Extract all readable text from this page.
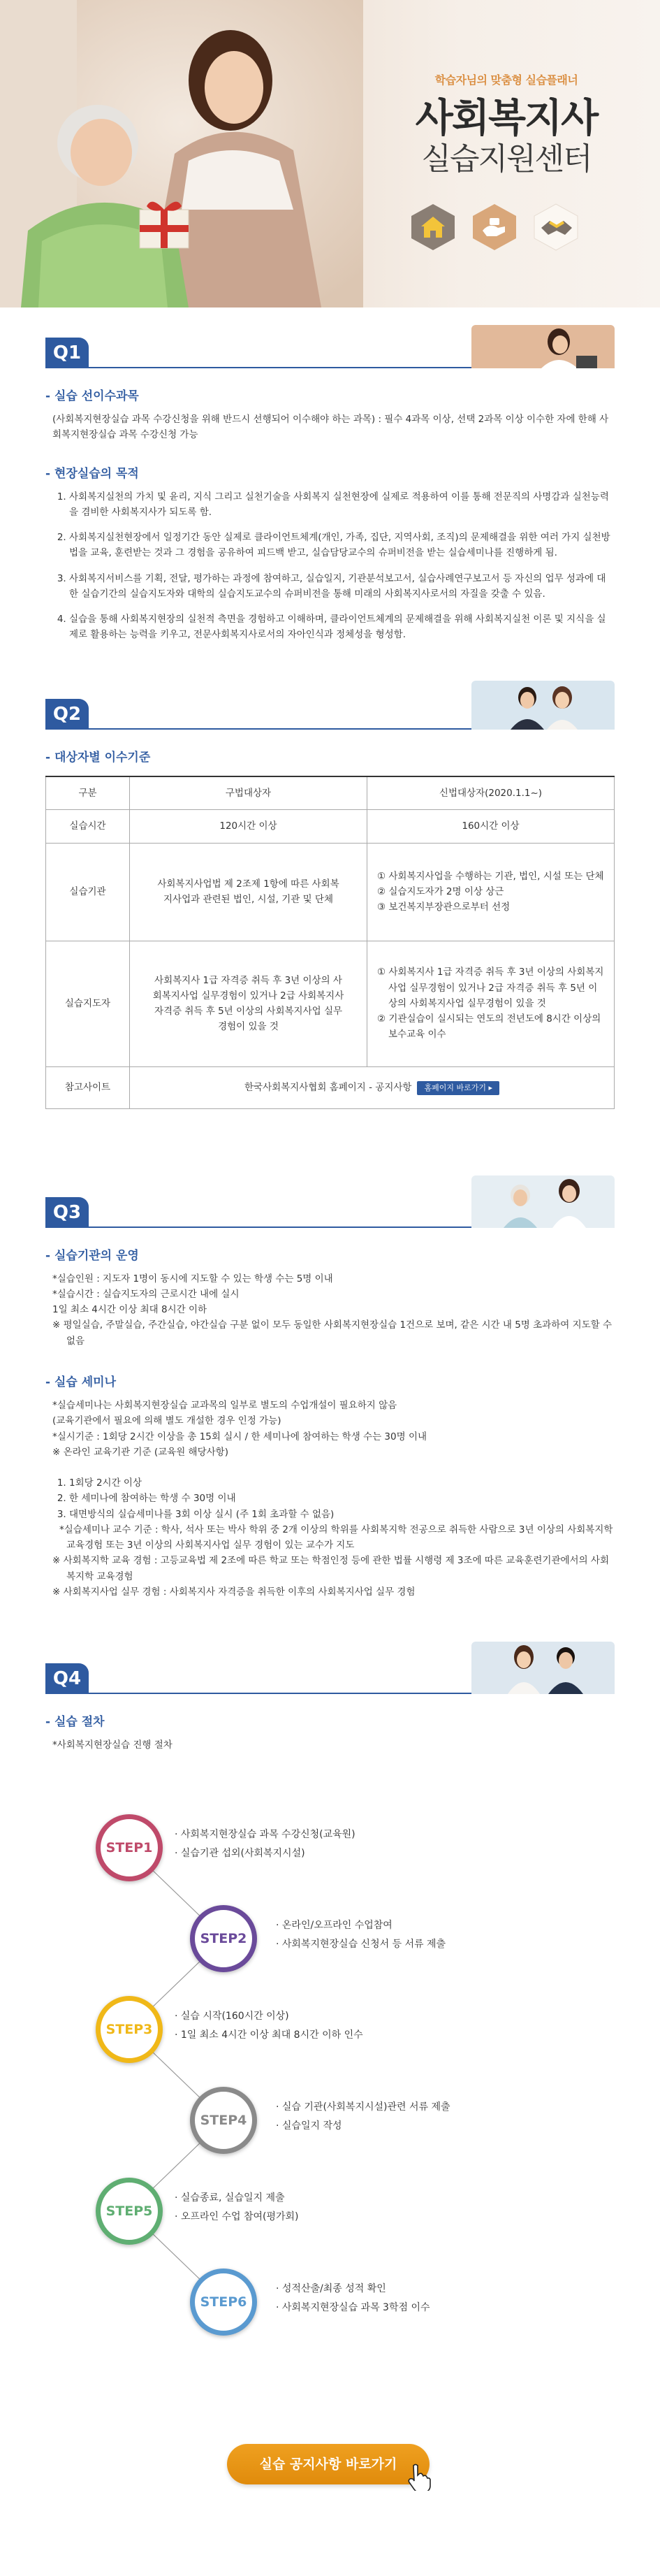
학습자님의 맞춤형 실습플래너
사회복지사
실습지원센터
Q1
- 실습 선이수과목
(사회복지현장실습 과목 수강신청을 위해 반드시 선행되어 이수해야 하는 과목) : 필수 4과목 이상, 선택 2과목 이상 이수한 자에 한해 사회복지현장실습 과목 수강신청 가능
- 현장실습의 목적
1. 사회복지실천의 가치 및 윤리, 지식 그리고 실천기술을 사회복지 실천현장에 실제로 적용하여 이를 통해 전문직의 사명감과 실천능력을 겸비한 사회복지사가 되도록 함.
2. 사회복지실천현장에서 일정기간 동안 실제로 클라이언트체계(개인, 가족, 집단, 지역사회, 조직)의 문제해결을 위한 여러 가지 실천방법을 교육, 훈련받는 것과 그 경험을 공유하여 피드백 받고, 실습담당교수의 슈퍼비전을 받는 실습세미나를 진행하게 됨.
3. 사회복지서비스를 기획, 전달, 평가하는 과정에 참여하고, 실습일지, 기관분석보고서, 실습사례연구보고서 등 자신의 업무 성과에 대한 실습기간의 실습지도자와 대학의 실습지도교수의 슈퍼비전을 통해 미래의 사회복지사로서의 자질을 갖출 수 있음.
4. 실습을 통해 사회복지현장의 실천적 측면을 경험하고 이해하며, 클라이언트체계의 문제해결을 위해 사회복지실천 이론 및 지식을 실제로 활용하는 능력을 키우고, 전문사회복지사로서의 자아인식과 정체성을 형성함.
Q2
- 대상자별 이수기준
구분	구법대상자	신법대상자(2020.1.1~)
실습시간	120시간 이상	160시간 이상
실습기관	사회복지사업법 제 2조제 1항에 따른 사회복지사업과 관련된 법인, 시설, 기관 및 단체	① 사회복지사업을 수행하는 기관, 법인, 시설 또는 단체
② 실습지도자가 2명 이상 상근
③ 보건복지부장관으로부터 선정

실습지도자	사회복지사 1급 자격증 취득 후 3년 이상의 사회복지사업 실무경험이 있거나 2급 사회복지사 자격증 취득 후 5년 이상의 사회복지사업 실무경험이 있을 것	① 사회복지사 1급 자격증 취득 후 3년 이상의 사회복지사업 실무경험이 있거나 2급 자격증 취득 후 5년 이상의 사회복지사업 실무경험이 있을 것
② 기관실습이 실시되는 연도의 전년도에 8시간 이상의 보수교육 이수

참고사이트	한국사회복지사협회 홈페이지 - 공지사항 홈페이지 바로가기 ▸	
Q3
- 실습기관의 운영
*실습인원 : 지도자 1명이 동시에 지도할 수 있는 학생 수는 5명 이내
*실습시간 : 실습지도자의 근로시간 내에 실시
1일 최소 4시간 이상 최대 8시간 이하
※ 평일실습, 주말실습, 주간실습, 야간실습 구분 없이 모두 동일한 사회복지현장실습 1건으로 보며, 같은 시간 내 5명 초과하여 지도할 수 없음
- 실습 세미나
*실습세미나는 사회복지현장실습 교과목의 일부로 별도의 수업개설이 필요하지 않음
(교육기관에서 필요에 의해 별도 개설한 경우 인정 가능)
*실시기준 : 1회당 2시간 이상을 총 15회 실시 / 한 세미나에 참여하는 학생 수는 30명 이내
※ 온라인 교육기관 기준 (교육원 해당사항)
1. 1회당 2시간 이상
2. 한 세미나에 참여하는 학생 수 30명 이내
3. 대면방식의 실습세미나를 3회 이상 실시 (주 1회 초과할 수 없음)
*실습세미나 교수 기준 : 학사, 석사 또는 박사 학위 중 2개 이상의 학위를 사회복지학 전공으로 취득한 사람으로 3년 이상의 사회복지학 교육경험 또는 3년 이상의 사회복지사업 실무 경험이 있는 교수가 지도
※ 사회복지학 교육 경험 : 고등교육법 제 2조에 따른 학교 또는 학점인정 등에 관한 법률 시행령 제 3조에 따른 교육훈련기관에서의 사회복지학 교육경험
※ 사회복지사업 실무 경험 : 사회복지사 자격증을 취득한 이후의 사회복지사업 실무 경험
Q4
- 실습 절차
*사회복지현장실습 진행 절차
STEP1
· 사회복지현장실습 과목 수강신청(교육원)
· 실습기관 섭외(사회복지시설)
STEP2
· 온라인/오프라인 수업참여
· 사회복지현장실습 신청서 등 서류 제출
STEP3
· 실습 시작(160시간 이상)
· 1일 최소 4시간 이상 최대 8시간 이하 인수
STEP4
· 실습 기관(사회복지시설)관련 서류 제출
· 실습일지 작성
STEP5
· 실습종료, 실습일지 제출
· 오프라인 수업 참여(평가회)
STEP6
· 성적산출/최종 성적 확인
· 사회복지현장실습 과목 3학점 이수
실습 공지사항 바로가기
